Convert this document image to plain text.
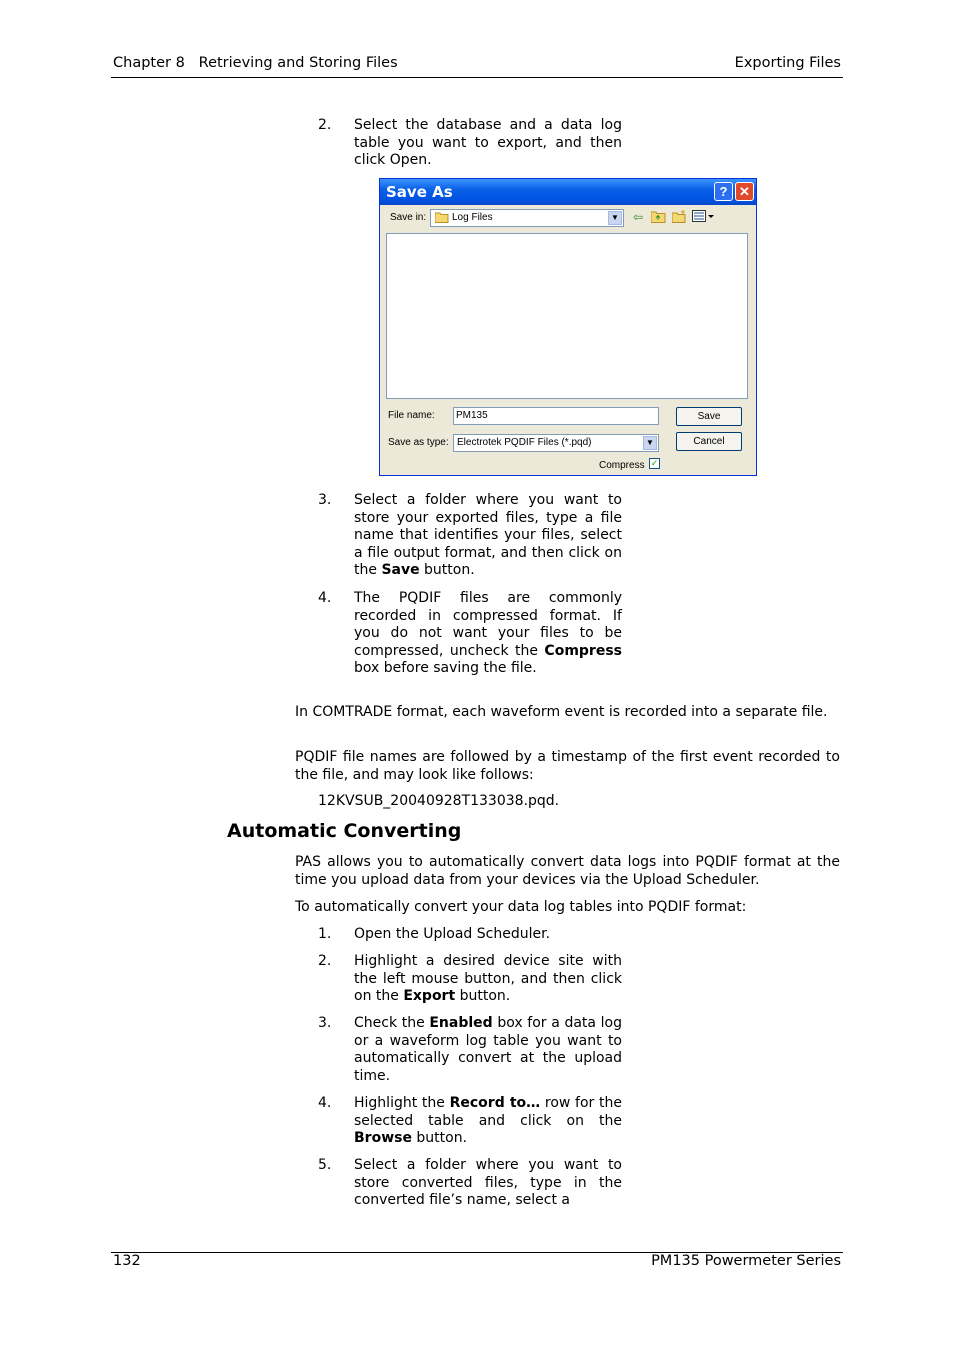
Chapter 8 Retrieving and Storing Files	Exporting Files
2. Select the database and a data log table you want to export, and then click Open.
Save As	? ✕
Save in:	Log Files	▼ ⇦
File name: PM135	Save
Save as type: Electrotek PQDIF Files (*.pqd)	▼	Cancel
Compress ✓
3. Select a folder where you want to store your exported files, type a file name that identifies your files, select a file output format, and then click on the Save button.
4. The PQDIF files are commonly recorded in compressed format. If you do not want your files to be compressed, uncheck the Compress box before saving the file.
In COMTRADE format, each waveform event is recorded into a separate file.
PQDIF file names are followed by a timestamp of the first event recorded to the file, and may look like follows:
12KVSUB_20040928T133038.pqd.
Automatic Converting
PAS allows you to automatically convert data logs into PQDIF format at the time you upload data from your devices via the Upload Scheduler.
To automatically convert your data log tables into PQDIF format:
1. Open the Upload Scheduler.
2. Highlight a desired device site with the left mouse button, and then click on the Export button.
3. Check the Enabled box for a data log or a waveform log table you want to automatically convert at the upload time.
4. Highlight the Record to… row for the selected table and click on the Browse button.
5. Select a folder where you want to store converted files, type in the converted file’s name, select a
132	PM135 Powermeter Series
